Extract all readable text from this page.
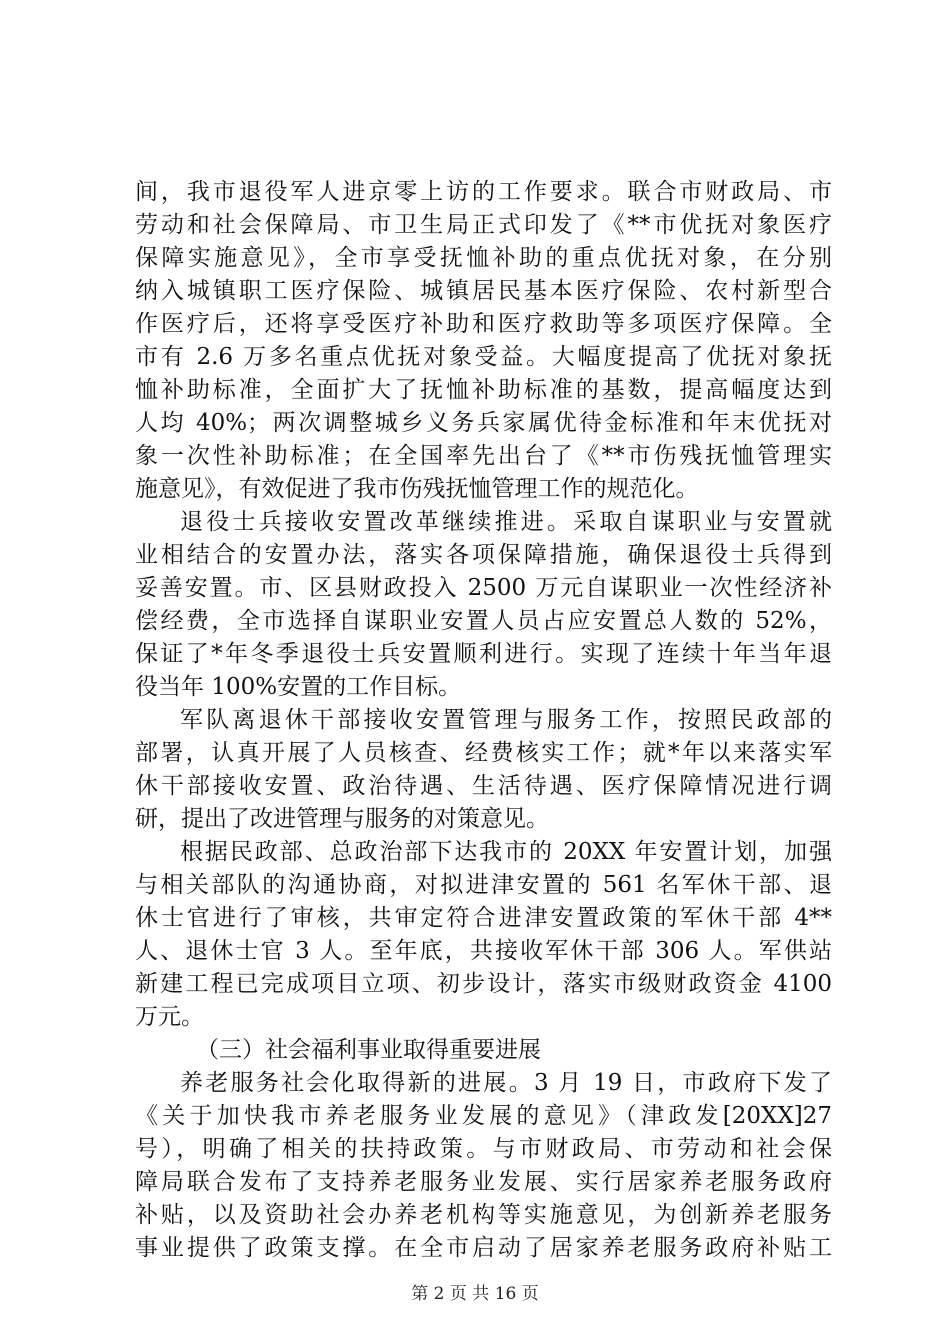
间，我市退役军人进京零上访的工作要求。联合市财政局、市
劳动和社会保障局、市卫生局正式印发了《**市优抚对象医疗
保障实施意见》，全市享受抚恤补助的重点优抚对象，在分别
纳入城镇职工医疗保险、城镇居民基本医疗保险、农村新型合
作医疗后，还将享受医疗补助和医疗救助等多项医疗保障。全
市有 2.6 万多名重点优抚对象受益。大幅度提高了优抚对象抚
恤补助标准，全面扩大了抚恤补助标准的基数，提高幅度达到
人均 40%；两次调整城乡义务兵家属优待金标准和年末优抚对
象一次性补助标准；在全国率先出台了《**市伤残抚恤管理实
施意见》，有效促进了我市伤残抚恤管理工作的规范化。
退役士兵接收安置改革继续推进。采取自谋职业与安置就
业相结合的安置办法，落实各项保障措施，确保退役士兵得到
妥善安置。市、区县财政投入 2500 万元自谋职业一次性经济补
偿经费，全市选择自谋职业安置人员占应安置总人数的 52%，
保证了*年冬季退役士兵安置顺利进行。实现了连续十年当年退
役当年 100%安置的工作目标。
军队离退休干部接收安置管理与服务工作，按照民政部的
部署，认真开展了人员核查、经费核实工作；就*年以来落实军
休干部接收安置、政治待遇、生活待遇、医疗保障情况进行调
研，提出了改进管理与服务的对策意见。
根据民政部、总政治部下达我市的 20XX 年安置计划，加强
与相关部队的沟通协商，对拟进津安置的 561 名军休干部、退
休士官进行了审核，共审定符合进津安置政策的军休干部 4**
人、退休士官 3 人。至年底，共接收军休干部 306 人。军供站
新建工程已完成项目立项、初步设计，落实市级财政资金 4100
万元。
（三）社会福利事业取得重要进展
养老服务社会化取得新的进展。3 月 19 日，市政府下发了
《关于加快我市养老服务业发展的意见》（津政发[20XX]27
号），明确了相关的扶持政策。与市财政局、市劳动和社会保
障局联合发布了支持养老服务业发展、实行居家养老服务政府
补贴，以及资助社会办养老机构等实施意见，为创新养老服务
事业提供了政策支撑。在全市启动了居家养老服务政府补贴工
第 2 页 共 16 页
